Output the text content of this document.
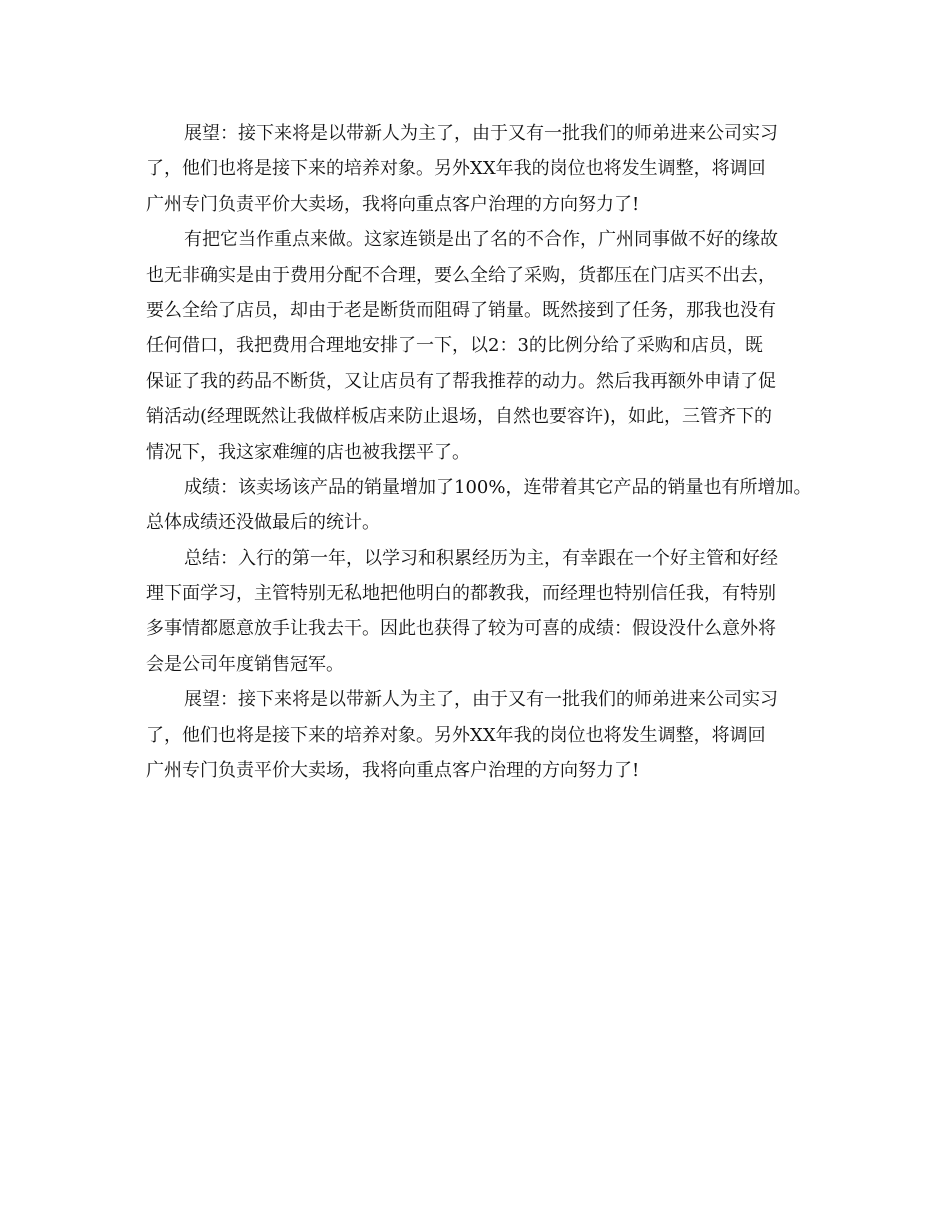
展望：接下来将是以带新人为主了，由于又有一批我们的师弟进来公司实习
了，他们也将是接下来的培养对象。另外XX年我的岗位也将发生调整，将调回
广州专门负责平价大卖场，我将向重点客户治理的方向努力了!
有把它当作重点来做。这家连锁是出了名的不合作，广州同事做不好的缘故
也无非确实是由于费用分配不合理，要么全给了采购，货都压在门店买不出去，
要么全给了店员，却由于老是断货而阻碍了销量。既然接到了任务，那我也没有
任何借口，我把费用合理地安排了一下，以2：3的比例分给了采购和店员，既
保证了我的药品不断货，又让店员有了帮我推荐的动力。然后我再额外申请了促
销活动(经理既然让我做样板店来防止退场，自然也要容许)，如此，三管齐下的
情况下，我这家难缠的店也被我摆平了。
成绩：该卖场该产品的销量增加了100%，连带着其它产品的销量也有所增加。
总体成绩还没做最后的统计。
总结：入行的第一年，以学习和积累经历为主，有幸跟在一个好主管和好经
理下面学习，主管特别无私地把他明白的都教我，而经理也特别信任我，有特别
多事情都愿意放手让我去干。因此也获得了较为可喜的成绩：假设没什么意外将
会是公司年度销售冠军。
展望：接下来将是以带新人为主了，由于又有一批我们的师弟进来公司实习
了，他们也将是接下来的培养对象。另外XX年我的岗位也将发生调整，将调回
广州专门负责平价大卖场，我将向重点客户治理的方向努力了!
